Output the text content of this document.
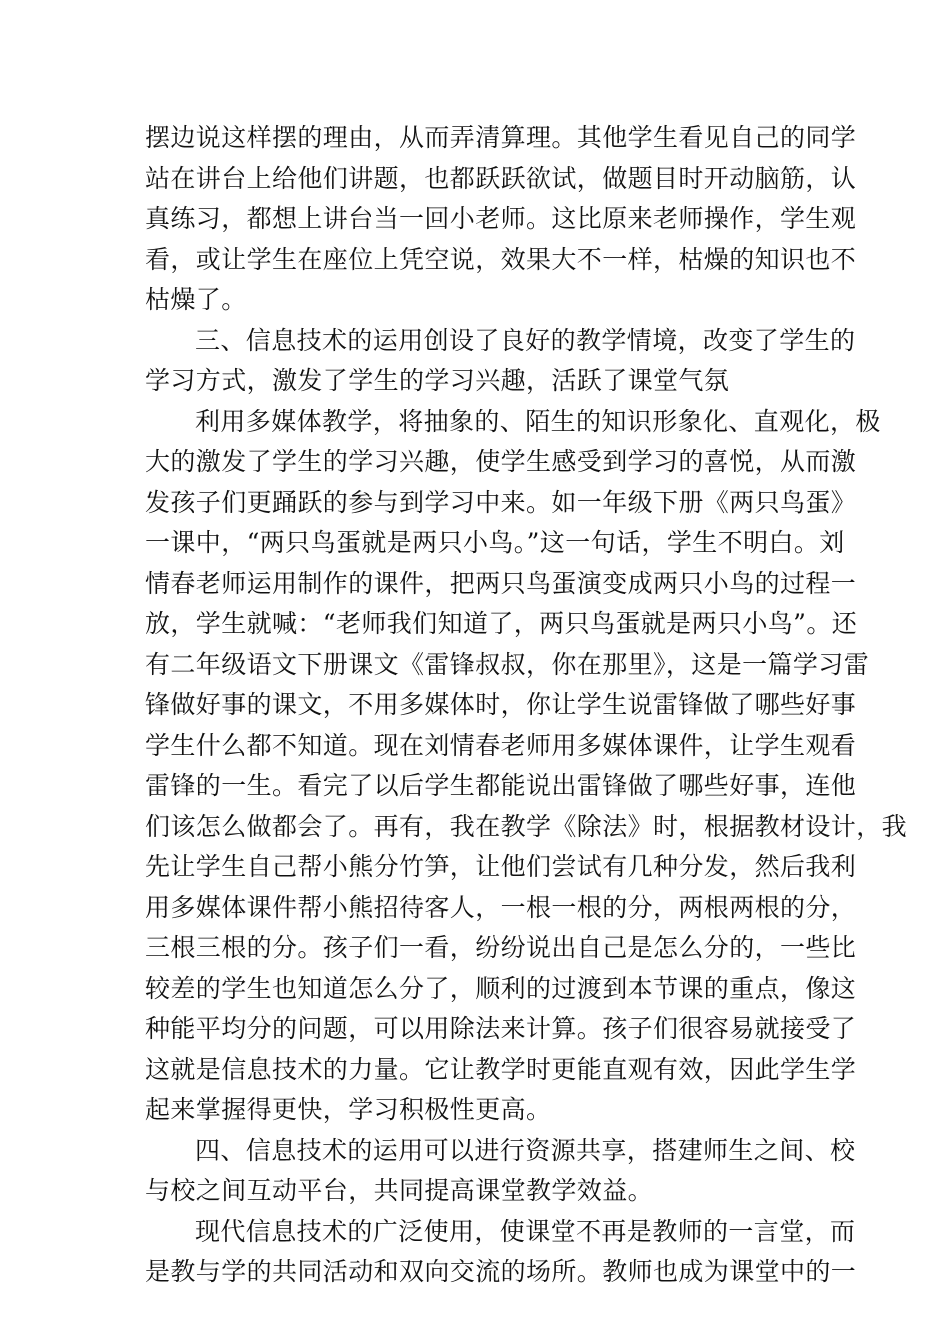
摆边说这样摆的理由，从而弄清算理。其他学生看见自己的同学
站在讲台上给他们讲题，也都跃跃欲试，做题目时开动脑筋，认
真练习，都想上讲台当一回小老师。这比原来老师操作，学生观
看，或让学生在座位上凭空说，效果大不一样，枯燥的知识也不
枯燥了。
三、信息技术的运用创设了良好的教学情境，改变了学生的
学习方式，激发了学生的学习兴趣，活跃了课堂气氛
利用多媒体教学，将抽象的、陌生的知识形象化、直观化，极
大的激发了学生的学习兴趣，使学生感受到学习的喜悦，从而激
发孩子们更踊跃的参与到学习中来。如一年级下册《两只鸟蛋》
一课中，“两只鸟蛋就是两只小鸟。”这一句话，学生不明白。刘
情春老师运用制作的课件，把两只鸟蛋演变成两只小鸟的过程一
放，学生就喊：“老师我们知道了，两只鸟蛋就是两只小鸟”。还
有二年级语文下册课文《雷锋叔叔，你在那里》，这是一篇学习雷
锋做好事的课文，不用多媒体时，你让学生说雷锋做了哪些好事
学生什么都不知道。现在刘情春老师用多媒体课件，让学生观看
雷锋的一生。看完了以后学生都能说出雷锋做了哪些好事，连他
们该怎么做都会了。再有，我在教学《除法》时，根据教材设计，我
先让学生自己帮小熊分竹笋，让他们尝试有几种分发，然后我利
用多媒体课件帮小熊招待客人，一根一根的分，两根两根的分，
三根三根的分。孩子们一看，纷纷说出自己是怎么分的，一些比
较差的学生也知道怎么分了，顺利的过渡到本节课的重点，像这
种能平均分的问题，可以用除法来计算。孩子们很容易就接受了
这就是信息技术的力量。它让教学时更能直观有效，因此学生学
起来掌握得更快，学习积极性更高。
四、信息技术的运用可以进行资源共享，搭建师生之间、校
与校之间互动平台，共同提高课堂教学效益。
现代信息技术的广泛使用，使课堂不再是教师的一言堂，而
是教与学的共同活动和双向交流的场所。教师也成为课堂中的一
